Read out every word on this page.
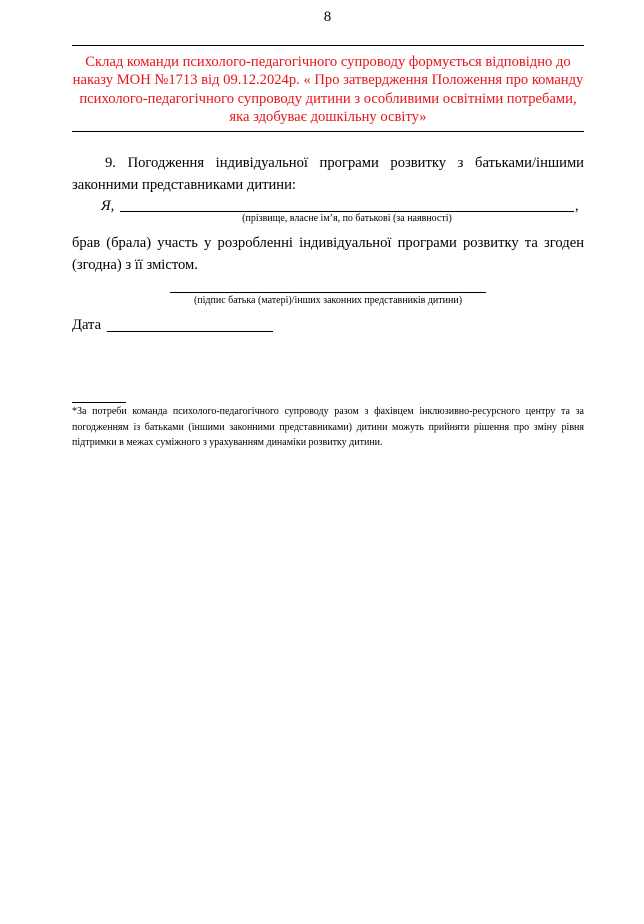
8
Склад команди психолого-педагогічного супроводу формується відповідно до наказу МОН №1713 від 09.12.2024р. « Про затвердження Положення про команду психолого-педагогічного супроводу дитини з особливими освітніми потребами, яка здобуває дошкільну освіту»
9. Погодження індивідуальної програми розвитку з батьками/іншими законними представниками дитини:
Я,	,
(прізвище, власне ім’я, по батькові (за наявності)
брав (брала) участь у розробленні індивідуальної програми розвитку та згоден (згодна) з її змістом.
(підпис батька (матері)/інших законних представників дитини)
Дата
*За потреби команда психолого-педагогічного супроводу разом з фахівцем інклюзивно-ресурсного центру та за погодженням із батьками (іншими законними представниками) дитини можуть прийняти рішення про зміну рівня підтримки в межах суміжного з урахуванням динаміки розвитку дитини.
